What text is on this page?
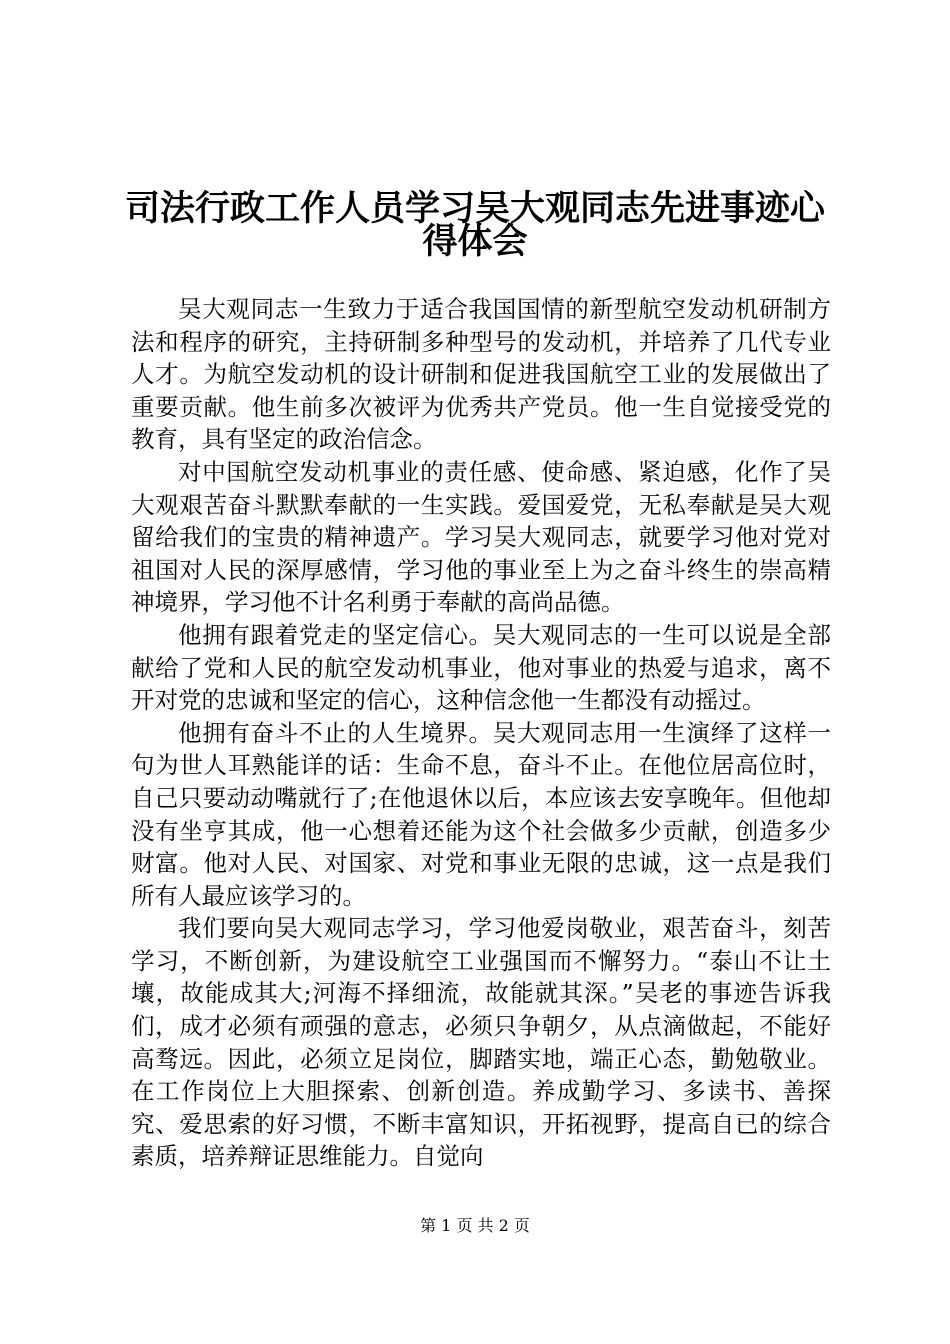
司法行政工作人员学习吴大观同志先进事迹心
得体会

吴大观同志一生致力于适合我国国情的新型航空发动机研制方法和程序的研究，主持研制多种型号的发动机，并培养了几代专业人才。为航空发动机的设计研制和促进我国航空工业的发展做出了重要贡献。他生前多次被评为优秀共产党员。他一生自觉接受党的教育，具有坚定的政治信念。

对中国航空发动机事业的责任感、使命感、紧迫感，化作了吴大观艰苦奋斗默默奉献的一生实践。爱国爱党，无私奉献是吴大观留给我们的宝贵的精神遗产。学习吴大观同志，就要学习他对党对祖国对人民的深厚感情，学习他的事业至上为之奋斗终生的崇高精神境界，学习他不计名利勇于奉献的高尚品德。

他拥有跟着党走的坚定信心。吴大观同志的一生可以说是全部献给了党和人民的航空发动机事业，他对事业的热爱与追求，离不开对党的忠诚和坚定的信心，这种信念他一生都没有动摇过。

他拥有奋斗不止的人生境界。吴大观同志用一生演绎了这样一句为世人耳熟能详的话：生命不息，奋斗不止。在他位居高位时，自己只要动动嘴就行了;在他退休以后，本应该去安享晚年。但他却没有坐亨其成，他一心想着还能为这个社会做多少贡献，创造多少财富。他对人民、对国家、对党和事业无限的忠诚，这一点是我们所有人最应该学习的。

我们要向吴大观同志学习，学习他爱岗敬业，艰苦奋斗，刻苦学习，不断创新，为建设航空工业强国而不懈努力。“泰山不让土壤，故能成其大;河海不择细流，故能就其深。”吴老的事迹告诉我们，成才必须有顽强的意志，必须只争朝夕，从点滴做起，不能好高骛远。因此，必须立足岗位，脚踏实地，端正心态，勤勉敬业。在工作岗位上大胆探索、创新创造。养成勤学习、多读书、善探究、爱思索的好习惯，不断丰富知识，开拓视野，提高自已的综合素质，培养辩证思维能力。自觉向

第 1 页 共 2 页
